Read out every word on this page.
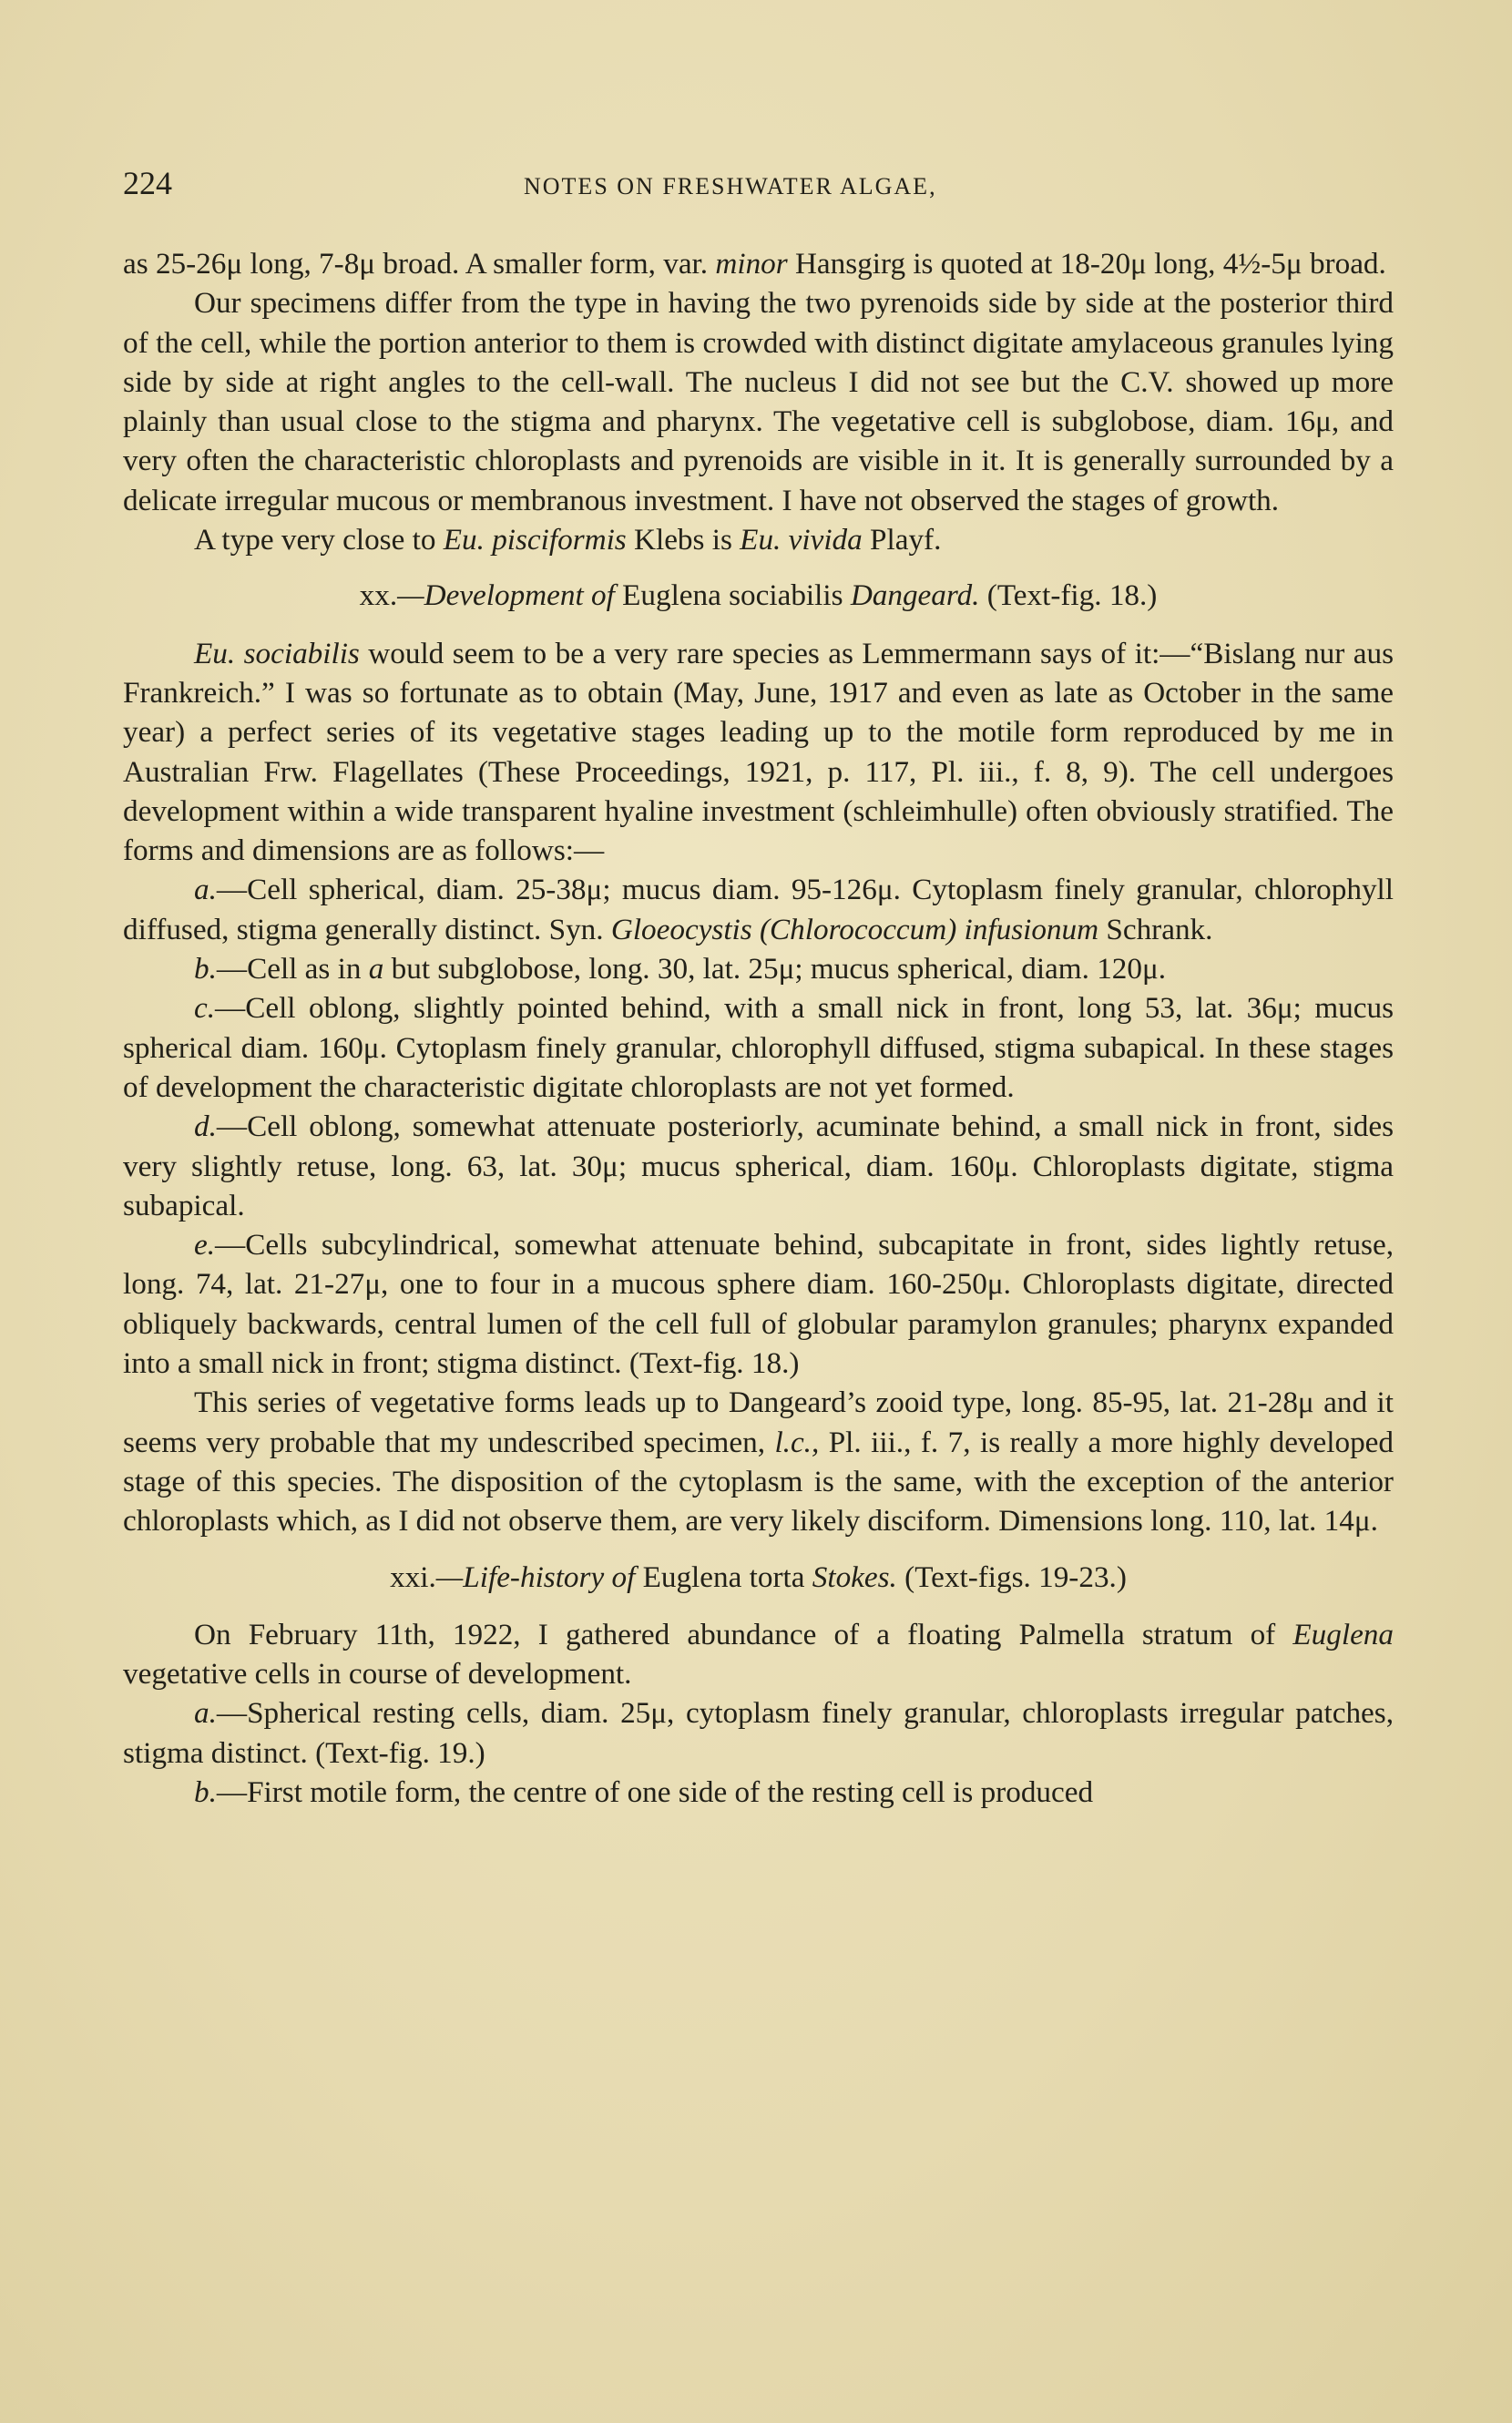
224	NOTES ON FRESHWATER ALGAE,

as 25-26μ long, 7-8μ broad. A smaller form, var. minor Hansgirg is quoted at 18-20μ long, 4½-5μ broad.

Our specimens differ from the type in having the two pyrenoids side by side at the posterior third of the cell, while the portion anterior to them is crowded with distinct digitate amylaceous granules lying side by side at right angles to the cell-wall. The nucleus I did not see but the C.V. showed up more plainly than usual close to the stigma and pharynx. The vegetative cell is subglobose, diam. 16μ, and very often the characteristic chloroplasts and pyrenoids are visible in it. It is generally surrounded by a delicate irregular mucous or membranous investment. I have not observed the stages of growth.

A type very close to Eu. pisciformis Klebs is Eu. vivida Playf.

xx.—Development of Euglena sociabilis Dangeard. (Text-fig. 18.)

Eu. sociabilis would seem to be a very rare species as Lemmermann says of it:—“Bislang nur aus Frankreich.” I was so fortunate as to obtain (May, June, 1917 and even as late as October in the same year) a perfect series of its vegetative stages leading up to the motile form reproduced by me in Australian Frw. Flagellates (These Proceedings, 1921, p. 117, Pl. iii., f. 8, 9). The cell undergoes development within a wide transparent hyaline investment (schleimhulle) often obviously stratified. The forms and dimensions are as follows:—

a.—Cell spherical, diam. 25-38μ; mucus diam. 95-126μ. Cytoplasm finely granular, chlorophyll diffused, stigma generally distinct. Syn. Gloeocystis (Chlorococcum) infusionum Schrank.

b.—Cell as in a but subglobose, long. 30, lat. 25μ; mucus spherical, diam. 120μ.

c.—Cell oblong, slightly pointed behind, with a small nick in front, long 53, lat. 36μ; mucus spherical diam. 160μ. Cytoplasm finely granular, chlorophyll diffused, stigma subapical. In these stages of development the characteristic digitate chloroplasts are not yet formed.

d.—Cell oblong, somewhat attenuate posteriorly, acuminate behind, a small nick in front, sides very slightly retuse, long. 63, lat. 30μ; mucus spherical, diam. 160μ. Chloroplasts digitate, stigma subapical.

e.—Cells subcylindrical, somewhat attenuate behind, subcapitate in front, sides lightly retuse, long. 74, lat. 21-27μ, one to four in a mucous sphere diam. 160-250μ. Chloroplasts digitate, directed obliquely backwards, central lumen of the cell full of globular paramylon granules; pharynx expanded into a small nick in front; stigma distinct. (Text-fig. 18.)

This series of vegetative forms leads up to Dangeard’s zooid type, long. 85-95, lat. 21-28μ and it seems very probable that my undescribed specimen, l.c., Pl. iii., f. 7, is really a more highly developed stage of this species. The disposition of the cytoplasm is the same, with the exception of the anterior chloroplasts which, as I did not observe them, are very likely disciform. Dimensions long. 110, lat. 14μ.

xxi.—Life-history of Euglena torta Stokes. (Text-figs. 19-23.)

On February 11th, 1922, I gathered abundance of a floating Palmella stratum of Euglena vegetative cells in course of development.

a.—Spherical resting cells, diam. 25μ, cytoplasm finely granular, chloroplasts irregular patches, stigma distinct. (Text-fig. 19.)

b.—First motile form, the centre of one side of the resting cell is produced
